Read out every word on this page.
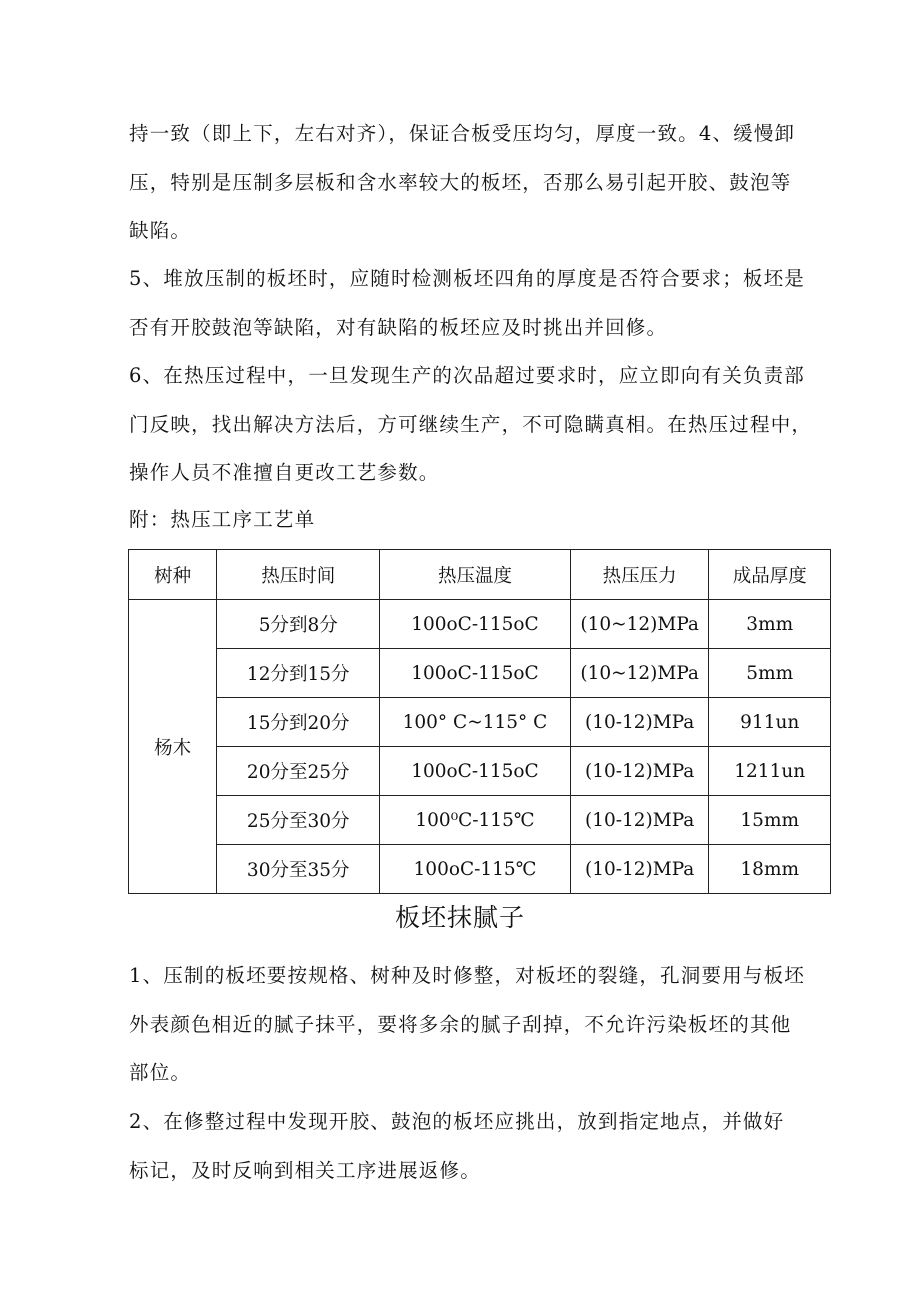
持一致（即上下，左右对齐），保证合板受压均匀，厚度一致。4、缓慢卸
压，特别是压制多层板和含水率较大的板坯，否那么易引起开胶、鼓泡等
缺陷。
5、堆放压制的板坯时，应随时检测板坯四角的厚度是否符合要求；板坯是
否有开胶鼓泡等缺陷，对有缺陷的板坯应及时挑出并回修。
6、在热压过程中，一旦发现生产的次品超过要求时，应立即向有关负责部
门反映，找出解决方法后，方可继续生产，不可隐瞒真相。在热压过程中，
操作人员不准擅自更改工艺参数。
附：热压工序工艺单
树种	热压时间	热压温度	热压压力	成品厚度
杨木	5分到8分	100oC-115oC	(10~12)MPa	3mm
	12分到15分	100oC-115oC	(10~12)MPa	5mm
	15分到20分	100° C~115° C	(10-12)MPa	911un
	20分至25分	100oC-115oC	(10-12)MPa	1211un
	25分至30分	100⁰C-115℃	(10-12)MPa	15mm
	30分至35分	100oC-115℃	(10-12)MPa	18mm
板坯抹腻子
1、压制的板坯要按规格、树种及时修整，对板坯的裂缝，孔洞要用与板坯
外表颜色相近的腻子抹平，要将多余的腻子刮掉，不允许污染板坯的其他
部位。
2、在修整过程中发现开胶、鼓泡的板坯应挑出，放到指定地点，并做好
标记，及时反响到相关工序进展返修。
